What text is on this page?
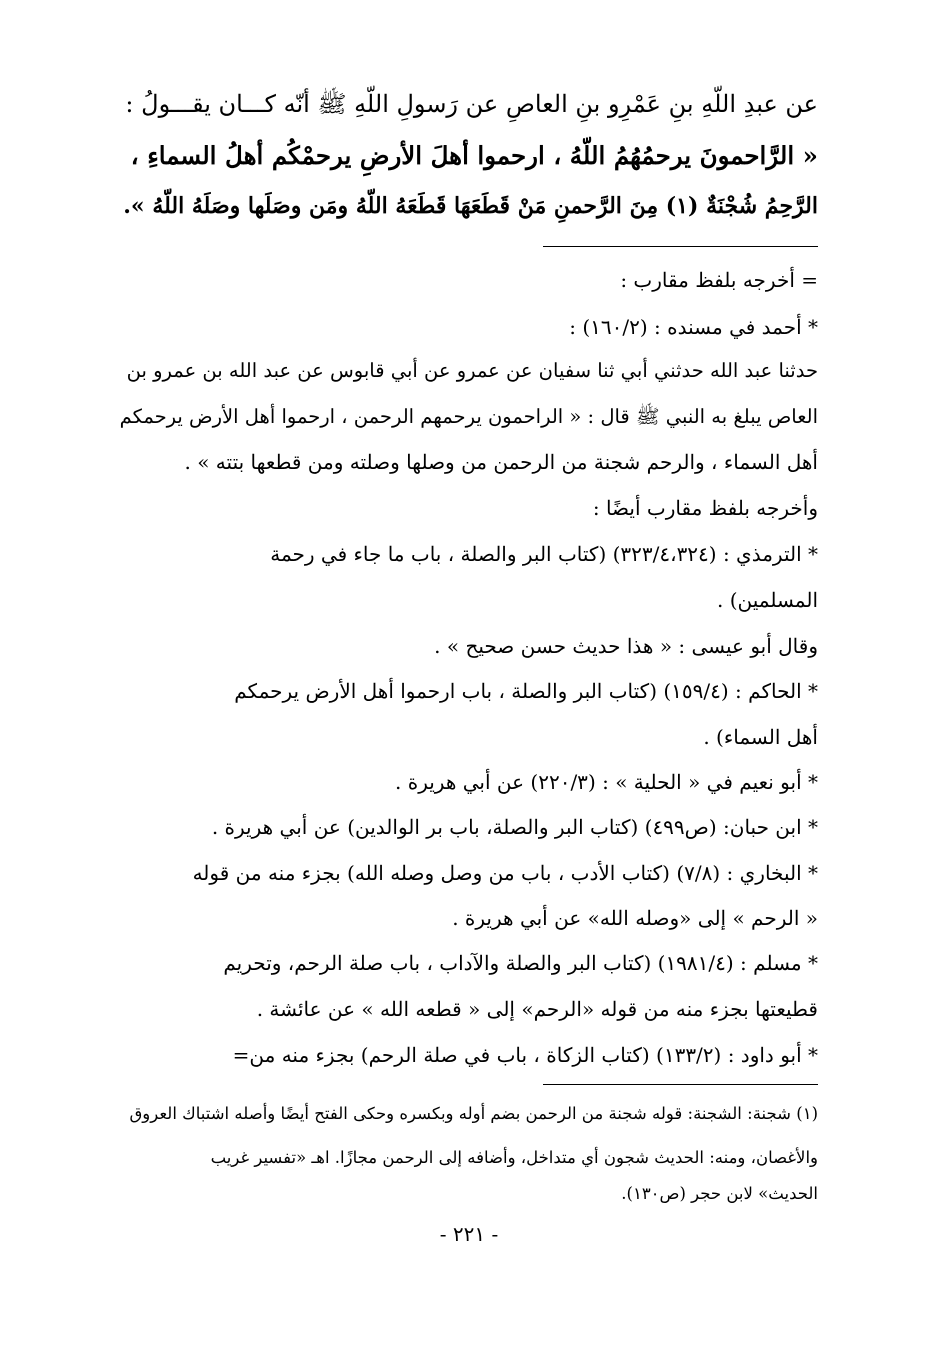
عن عبدِ اللّهِ بنِ عَمْرِو بنِ العاصِ عن رَسولِ اللّهِ ﷺ أنّه كـــان يقـــولُ :
« الرَّاحمونَ يرحمُهُمُ اللّهُ ، ارحموا أهلَ الأرضِ يرحمْكُم أهلُ السماءِ ،
الرَّحِمُ شُجْنَةٌ (١) مِنَ الرَّحمنِ مَنْ قَطَعَهَا قَطَعَهُ اللّهُ ومَن وصَلَها وصَلَهُ اللّهُ ».
= أخرجه بلفظ مقارب :
* أحمد في مسنده : (١٦٠/٢) :
حدثنا عبد الله حدثني أبي ثنا سفيان عن عمرو عن أبي قابوس عن عبد الله بن عمرو بن
العاص يبلغ به النبي ﷺ قال : « الراحمون يرحمهم الرحمن ، ارحموا أهل الأرض يرحمكم
أهل السماء ، والرحم شجنة من الرحمن من وصلها وصلته ومن قطعها بتته » .
وأخرجه بلفظ مقارب أيضًا :
* الترمذي : (٣٢٣/٤،٣٢٤) (كتاب البر والصلة ، باب ما جاء في رحمة
المسلمين) .
وقال أبو عيسى : « هذا حديث حسن صحيح » .
* الحاكم : (١٥٩/٤) (كتاب البر والصلة ، باب ارحموا أهل الأرض يرحمكم
أهل السماء) .
* أبو نعيم في « الحلية » : (٢٢٠/٣) عن أبي هريرة .
* ابن حبان: (ص٤٩٩) (كتاب البر والصلة، باب بر الوالدين) عن أبي هريرة .
* البخاري : (٧/٨) (كتاب الأدب ، باب من وصل وصله الله) بجزء منه من قوله
« الرحم » إلى «وصله الله» عن أبي هريرة .
* مسلم : (١٩٨١/٤) (كتاب البر والصلة والآداب ، باب صلة الرحم، وتحريم
قطيعتها بجزء منه من قوله «الرحم» إلى « قطعه الله » عن عائشة .
* أبو داود : (١٣٣/٢) (كتاب الزكاة ، باب في صلة الرحم) بجزء منه من=
(١) شجنة: الشجنة: قوله شجنة من الرحمن بضم أوله وبكسره وحكى الفتح أيضًا وأصله اشتباك العروق
والأغصان، ومنه: الحديث شجون أي متداخل، وأضافه إلى الرحمن مجازًا. اهـ «تفسير غريب
الحديث» لابن حجر (ص١٣٠).
- ٢٢١ -
